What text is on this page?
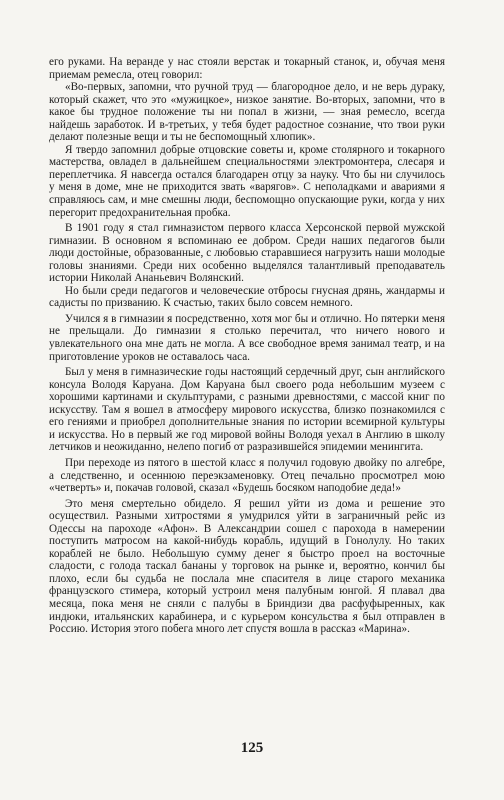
его руками. На веранде у нас стояли верстак и токарный станок, и, обучая меня приемам ремесла, отец говорил:

«Во-первых, запомни, что ручной труд — благородное дело, и не верь дураку, который скажет, что это «мужицкое», низкое занятие. Во-вторых, запомни, что в какое бы трудное положение ты ни попал в жизни, — зная ремесло, всегда найдешь заработок. И в-третьих, у тебя будет радостное сознание, что твои руки делают полезные вещи и ты не беспомощный хлюпик».

Я твердо запомнил добрые отцовские советы и, кроме столярного и токарного мастерства, овладел в дальнейшем специальностями электромонтера, слесаря и переплетчика. Я навсегда остался благодарен отцу за науку. Что бы ни случилось у меня в доме, мне не приходится звать «варягов». С неполадками и авариями я справляюсь сам, и мне смешны люди, беспомощно опускающие руки, когда у них перегорит предохранительная пробка.

В 1901 году я стал гимназистом первого класса Херсонской первой мужской гимназии. В основном я вспоминаю ее добром. Среди наших педагогов были люди достойные, образованные, с любовью старавшиеся нагрузить наши молодые головы знаниями. Среди них особенно выделялся талантливый преподаватель истории Николай Ананьевич Волянский.

Но были среди педагогов и человеческие отбросы гнусная дрянь, жандармы и садисты по призванию. К счастью, таких было совсем немного.

Учился я в гимназии я посредственно, хотя мог бы и отлично. Но пятерки меня не прельщали. До гимназии я столько перечитал, что ничего нового и увлекательного она мне дать не могла. А все свободное время занимал театр, и на приготовление уроков не оставалось часа.

Был у меня в гимназические годы настоящий сердечный друг, сын английского консула Володя Каруана. Дом Каруана был своего рода небольшим музеем с хорошими картинами и скульптурами, с разными древностями, с массой книг по искусству. Там я вошел в атмосферу мирового искусства, близко познакомился с его гениями и приобрел дополнительные знания по истории всемирной культуры и искусства. Но в первый же год мировой войны Володя уехал в Англию в школу летчиков и неожиданно, нелепо погиб от разразившейся эпидемии менингита.

При переходе из пятого в шестой класс я получил годовую двойку по алгебре, а следственно, и осеннюю переэкзаменовку. Отец печально просмотрел мою «четверть» и, покачав головой, сказал «Будешь босяком наподобие деда!»

Это меня смертельно обидело. Я решил уйти из дома и решение это осуществил. Разными хитростями я умудрился уйти в заграничный рейс из Одессы на пароходе «Афон». В Александрии сошел с парохода в намерении поступить матросом на какой-нибудь корабль, идущий в Гонолулу. Но таких кораблей не было. Небольшую сумму денег я быстро проел на восточные сладости, с голода таскал бананы у торговок на рынке и, вероятно, кончил бы плохо, если бы судьба не послала мне спасителя в лице старого механика французского стимера, который устроил меня палубным юнгой. Я плавал два месяца, пока меня не сняли с палубы в Бриндизи два расфуфыренных, как индюки, итальянских карабинера, и с курьером консульства я был отправлен в Россию. История этого побега много лет спустя вошла в рассказ «Марина».

125
